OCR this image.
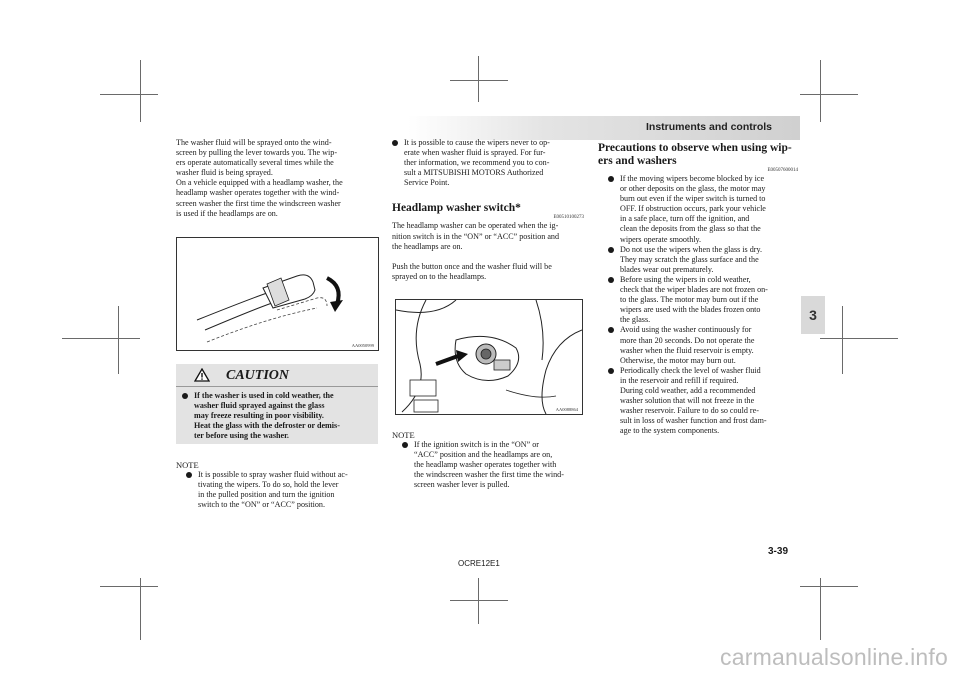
Instruments and controls
3

The washer fluid will be sprayed onto the wind-

screen by pulling the lever towards you. The wip-

ers operate automatically several times while the

washer fluid is being sprayed.

On a vehicle equipped with a headlamp washer, the

headlamp washer operates together with the wind-

screen washer the first time the windscreen washer

is used if the headlamps are on.

AA0050999
CAUTION

If the washer is used in cold weather, the

washer fluid sprayed against the glass

may freeze resulting in poor visibility.

Heat the glass with the defroster or demis-

ter before using the washer.

NOTE

It is possible to spray washer fluid without ac-

tivating the wipers. To do so, hold the lever

in the pulled position and turn the ignition

switch to the “ON” or “ACC” position.

It is possible to cause the wipers never to op-

erate when washer fluid is sprayed. For fur-

ther information, we recommend you to con-

sult a MITSUBISHI MOTORS Authorized

Service Point.

Headlamp washer switch*

E00510100273

The headlamp washer can be operated when the ig-

nition switch is in the “ON” or “ACC” position and

the headlamps are on.

Push the button once and the washer fluid will be

sprayed on to the headlamps.

AA0088864

NOTE

If the ignition switch is in the “ON” or

“ACC” position and the headlamps are on,

the headlamp washer operates together with

the windscreen washer the first time the wind-

screen washer lever is pulled.

Precautions to observe when using wip-

ers and washers

E00507600014

If the moving wipers become blocked by ice

or other deposits on the glass, the motor may

burn out even if the wiper switch is turned to

OFF. If obstruction occurs, park your vehicle

in a safe place, turn off the ignition, and

clean the deposits from the glass so that the

wipers operate smoothly.

Do not use the wipers when the glass is dry.

They may scratch the glass surface and the

blades wear out prematurely.

Before using the wipers in cold weather,

check that the wiper blades are not frozen on-

to the glass. The motor may burn out if the

wipers are used with the blades frozen onto

the glass.

Avoid using the washer continuously for

more than 20 seconds. Do not operate the

washer when the fluid reservoir is empty.

Otherwise, the motor may burn out.

Periodically check the level of washer fluid

in the reservoir and refill if required.

During cold weather, add a recommended

washer solution that will not freeze in the

washer reservoir. Failure to do so could re-

sult in loss of washer function and frost dam-

age to the system components.

OCRE12E1
3-39
carmanualsonline.info
